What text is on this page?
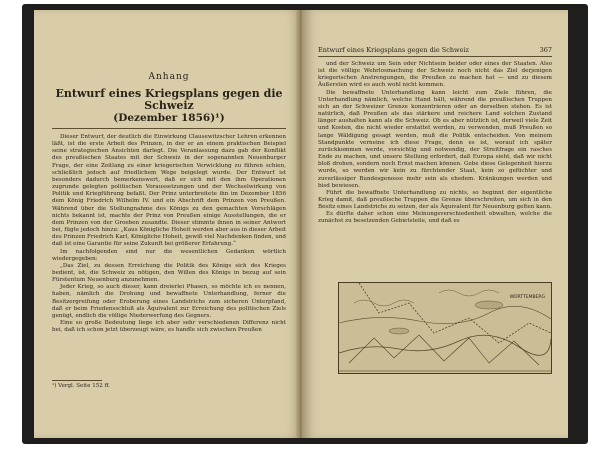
Anhang
Entwurf eines Kriegsplans gegen die Schweiz
(Dezember 1856)¹)

Dieser Entwurf, der deutlich die Einwirkung Clausewitzscher Lehren erkennen läßt, ist die erste Arbeit des Prinzen, in der er an einem praktischen Beispiel seine strategischen Ansichten darlegt. Die Veranlassung dazu gab der Konflikt des preußischen Staates mit der Schweiz in der sogenannten Neuenburger Frage, der eine Zeitlang zu einer kriegerischen Verwicklung zu führen schien, schließlich jedoch auf friedlichem Wege beigelegt wurde. Der Entwurf ist besonders dadurch bemerkenswert, daß er sich mit den ihm Operationen zugrunde gelegten politischen Voraussetzungen und der Wechselwirkung von Politik und Kriegführung befaßt. Der Prinz unterbreitete ihn im Dezember 1856 dem König Friedrich Wilhelm IV. und ein Abschrift dem Prinzen von Preußen. Während über die Stellungnahme des Königs zu den gemachten Vorschlägen nichts bekannt ist, machte der Prinz von Preußen einige Ausstellungen, die er dem Prinzen von der Groeben zusandte. Dieser stimmte ihnen in seiner Antwort bei, fügte jedoch hinzu: „Kaus Königliche Hoheit werden aber aus in dieser Arbeit des Prinzen Friedrich Karl, Königliche Hoheit, gewiß viel Nachdenken finden, und daß ist eine Garantie für seine Zukunft bei größerer Erfahrung.“

Im nachfolgenden sind nur die wesentlichen Gedanken wörtlich wiedergegeben:

„Das Ziel, zu dessen Erreichung die Politik des Königs sich des Krieges bedient, ist, die Schweiz zu nötigen, den Willen des Königs in bezug auf sein Fürstentum Neuenburg anzunehmen.

Jeder Krieg, so auch dieser, kann dreierlei Phasen, so möchte ich es nennen, haben, nämlich die Drohung und bewaffnete Unterhandlung, ferner die Besitzergreifung oder Eroberung eines Landstrichs zum sicheren Unterpfand, daß er beim Friedensschluß als Äquivalent zur Erreichung des politischen Ziels genügt, endlich die völlige Niederwerfung des Gegners.

Eine so große Bedeutung liege ich aber sehr verschiedenen Differenz nicht bei, daß ich schon jetzt überzeugt wäre, es handle sich zwischen Preußen

¹) Vergl. Seite 152 ff.
Entwurf eines Kriegsplans gegen die Schweiz	367

und der Schweiz um Sein oder Nichtsein beider oder eines der Staaten. Also ist die völlige Wehrlosmachung der Schweiz noch nicht das Ziel derjenigen kriegerischen Anstrengungen, die Preußen zu machen hat — und zu diesem Äußersten wird es auch wohl nicht kommen.

Die bewaffnete Unterhandlung kann leicht zum Ziele führen, die Unterhandlung nämlich, welche Hand hält, während die preußischen Truppen sich an der Schweizer Grenze konzentrieren oder an derselben stehen. Es ist natürlich, daß Preußen als das stärkere und reichere Land solchen Zustand länger aushalten kann als die Schweiz. Ob es aber nützlich ist, derweil viele Zeit und Kosten, die nicht wieder erstattet werden, zu verwenden, muß Preußen so lange Wäldigung gesagt werden, muß die Politik entscheiden. Von meinem Standpunkte verneine ich diese Frage, denn es ist, worauf ich später zurückkommen werde, vorsichtig und notwendig, der Streitfrage ein rasches Ende zu machen, und unsere Stellung erfordert, daß Europa sieht, daß wir nicht bloß drohen, sondern noch Ernst machen können. Gebe diese Gelegenheit hierzu wurde, so werden wir kein zu fürchtender Staat, kein so gefüchter und zuverlässiger Bundesgenosse mehr sein als ehedem. Kränkungen werden und bisd bewiesen.

Führt die bewaffnete Unterhandlung zu nichts, so beginnt der eigentliche Krieg damit, daß preußische Truppen die Grenze überschreiten, um sich in den Besitz eines Landstrichs zu setzen, der als Äquivalent für Neuenburg gelten kann.

Es dürfte daher schon eine Meinungsverschiedenheit obwalten, welche die zunächst zu besetzenden Gebietsteile, und daß es

WÜRTTEMBERG
